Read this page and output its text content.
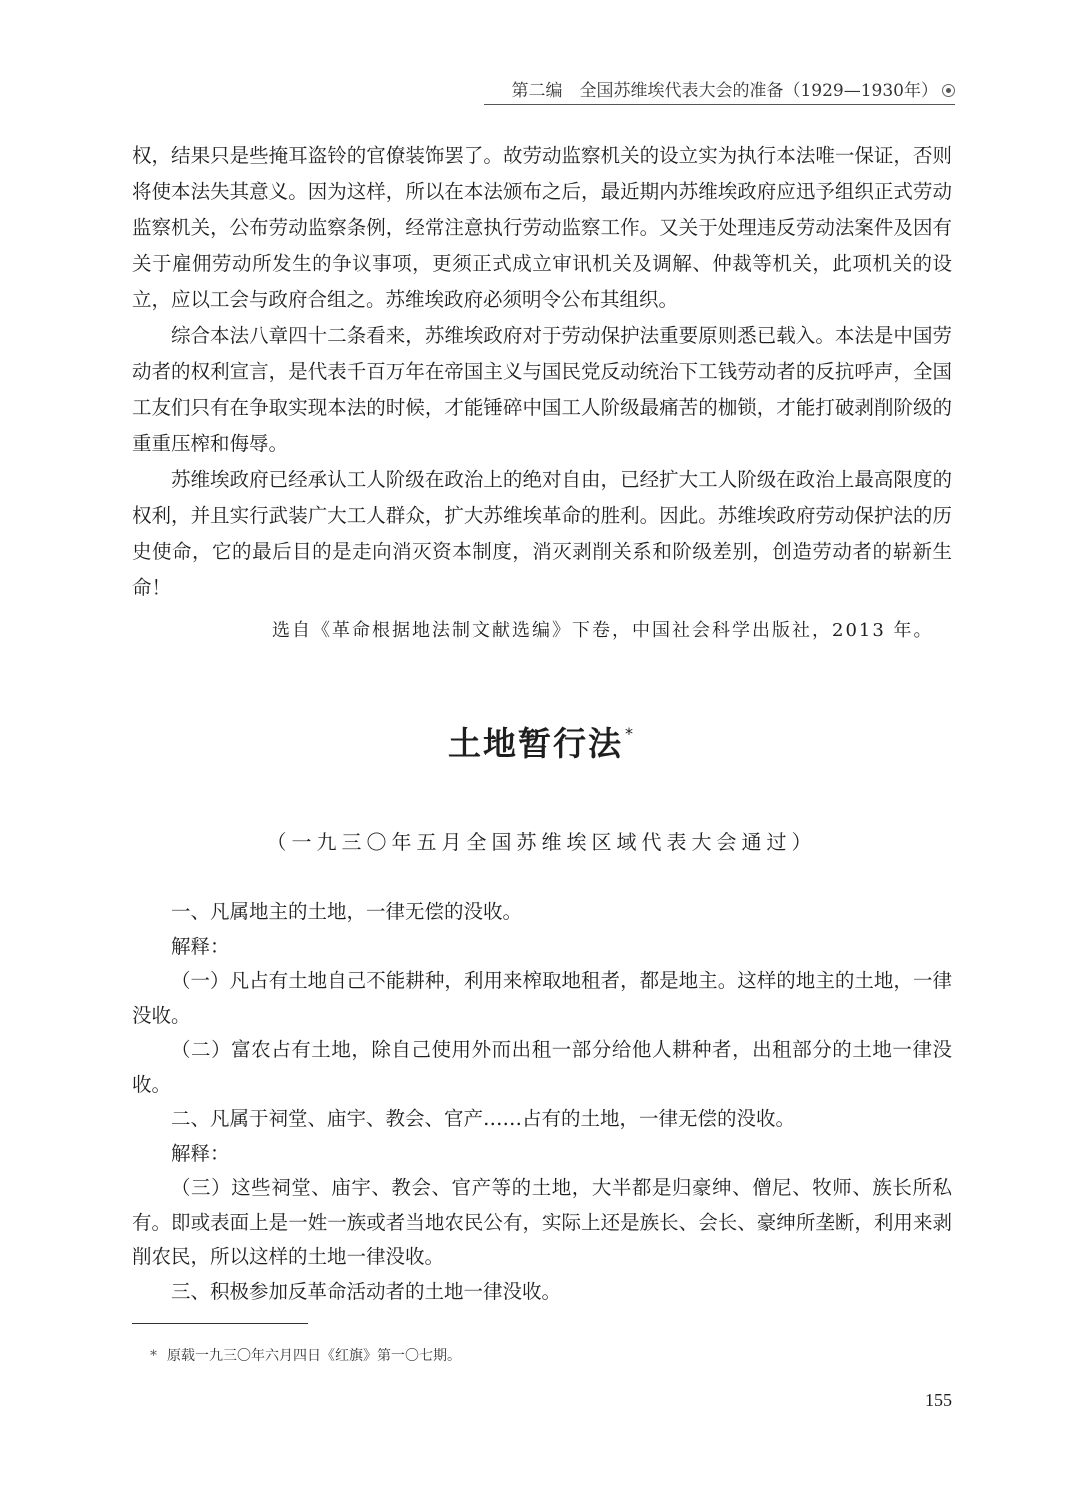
第二编　全国苏维埃代表大会的准备（1929—1930年）

权，结果只是些掩耳盗铃的官僚装饰罢了。故劳动监察机关的设立实为执行本法唯一保证，否则将使本法失其意义。因为这样，所以在本法颁布之后，最近期内苏维埃政府应迅予组织正式劳动监察机关，公布劳动监察条例，经常注意执行劳动监察工作。又关于处理违反劳动法案件及因有关于雇佣劳动所发生的争议事项，更须正式成立审讯机关及调解、仲裁等机关，此项机关的设立，应以工会与政府合组之。苏维埃政府必须明令公布其组织。

综合本法八章四十二条看来，苏维埃政府对于劳动保护法重要原则悉已载入。本法是中国劳动者的权利宣言，是代表千百万年在帝国主义与国民党反动统治下工钱劳动者的反抗呼声，全国工友们只有在争取实现本法的时候，才能锤碎中国工人阶级最痛苦的枷锁，才能打破剥削阶级的重重压榨和侮辱。

苏维埃政府已经承认工人阶级在政治上的绝对自由，已经扩大工人阶级在政治上最高限度的权利，并且实行武装广大工人群众，扩大苏维埃革命的胜利。因此。苏维埃政府劳动保护法的历史使命，它的最后目的是走向消灭资本制度，消灭剥削关系和阶级差别，创造劳动者的崭新生命！

选自《革命根据地法制文献选编》下卷，中国社会科学出版社，2013 年。
土地暂行法 *
（一九三〇年五月全国苏维埃区域代表大会通过）

一、凡属地主的土地，一律无偿的没收。

解释：

（一）凡占有土地自己不能耕种，利用来榨取地租者，都是地主。这样的地主的土地，一律没收。

（二）富农占有土地，除自己使用外而出租一部分给他人耕种者，出租部分的土地一律没收。

二、凡属于祠堂、庙宇、教会、官产……占有的土地，一律无偿的没收。

解释：

（三）这些祠堂、庙宇、教会、官产等的土地，大半都是归豪绅、僧尼、牧师、族长所私有。即或表面上是一姓一族或者当地农民公有，实际上还是族长、会长、豪绅所垄断，利用来剥削农民，所以这样的土地一律没收。

三、积极参加反革命活动者的土地一律没收。

* 原载一九三〇年六月四日《红旗》第一〇七期。
155
